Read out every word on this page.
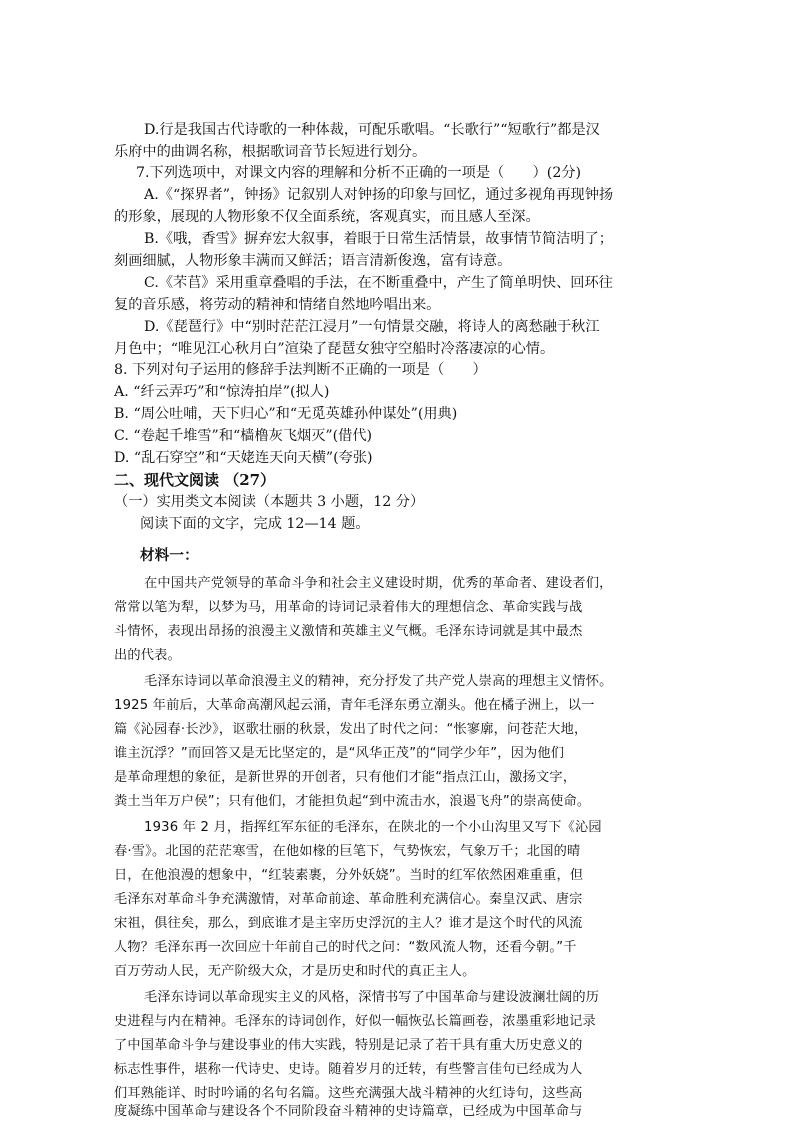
D.行是我国古代诗歌的一种体裁，可配乐歌唱。“长歌行”“短歌行”都是汉
乐府中的曲调名称，根据歌词音节长短进行划分。
7.下列选项中，对课文内容的理解和分析不正确的一项是（　　）(2分)
A.《“探界者”，钟扬》记叙别人对钟扬的印象与回忆，通过多视角再现钟扬
的形象，展现的人物形象不仅全面系统，客观真实，而且感人至深。
B.《哦，香雪》摒弃宏大叙事，着眼于日常生活情景，故事情节简洁明了；
刻画细腻，人物形象丰满而又鲜活；语言清新俊逸，富有诗意。
C.《芣苢》采用重章叠唱的手法，在不断重叠中，产生了简单明快、回环往
复的音乐感，将劳动的精神和情绪自然地吟唱出来。
D.《琵琶行》中“别时茫茫江浸月”一句情景交融，将诗人的离愁融于秋江
月色中；“唯见江心秋月白”渲染了琵琶女独守空船时冷落凄凉的心情。
8. 下列对句子运用的修辞手法判断不正确的一项是（　　）
A. “纤云弄巧”和“惊涛拍岸”(拟人)
B. “周公吐哺，天下归心”和“无觅英雄孙仲谋处”(用典)
C. “卷起千堆雪”和“樯橹灰飞烟灭”(借代)
D. “乱石穿空”和“天姥连天向天横”(夸张)
二、现代文阅读 （27）
（一）实用类文本阅读（本题共 3 小题，12 分）
阅读下面的文字，完成 12—14 题。
材料一：
在中国共产党领导的革命斗争和社会主义建设时期，优秀的革命者、建设者们，
常常以笔为犁，以梦为马，用革命的诗词记录着伟大的理想信念、革命实践与战
斗情怀，表现出昂扬的浪漫主义激情和英雄主义气概。毛泽东诗词就是其中最杰
出的代表。
毛泽东诗词以革命浪漫主义的精神，充分抒发了共产党人崇高的理想主义情怀。
1925 年前后，大革命高潮风起云涌，青年毛泽东勇立潮头。他在橘子洲上，以一
篇《沁园春·长沙》，讴歌壮丽的秋景，发出了时代之问：“怅寥廓，问苍茫大地，
谁主沉浮？”而回答又是无比坚定的，是“风华正茂”的“同学少年”，因为他们
是革命理想的象征，是新世界的开创者，只有他们才能“指点江山，激扬文字，
粪土当年万户侯”；只有他们，才能担负起“到中流击水，浪遏飞舟”的崇高使命。
1936 年 2 月，指挥红军东征的毛泽东，在陕北的一个小山沟里又写下《沁园
春·雪》。北国的茫茫寒雪，在他如椽的巨笔下，气势恢宏，气象万千；北国的晴
日，在他浪漫的想象中，“红装素裹，分外妖娆”。当时的红军依然困难重重，但
毛泽东对革命斗争充满激情，对革命前途、革命胜利充满信心。秦皇汉武、唐宗
宋祖，俱往矣，那么，到底谁才是主宰历史浮沉的主人？谁才是这个时代的风流
人物？毛泽东再一次回应十年前自己的时代之问：“数风流人物，还看今朝。”千
百万劳动人民，无产阶级大众，才是历史和时代的真正主人。
毛泽东诗词以革命现实主义的风格，深情书写了中国革命与建设波澜壮阔的历
史进程与内在精神。毛泽东的诗词创作，好似一幅恢弘长篇画卷，浓墨重彩地记录
了中国革命斗争与建设事业的伟大实践，特别是记录了若干具有重大历史意义的
标志性事件，堪称一代诗史、史诗。随着岁月的迁转，有些警言佳句已经成为人
们耳熟能详、时时吟诵的名句名篇。这些充满强大战斗精神的火红诗句，这些高
度凝练中国革命与建设各个不同阶段奋斗精神的史诗篇章，已经成为中国革命与
